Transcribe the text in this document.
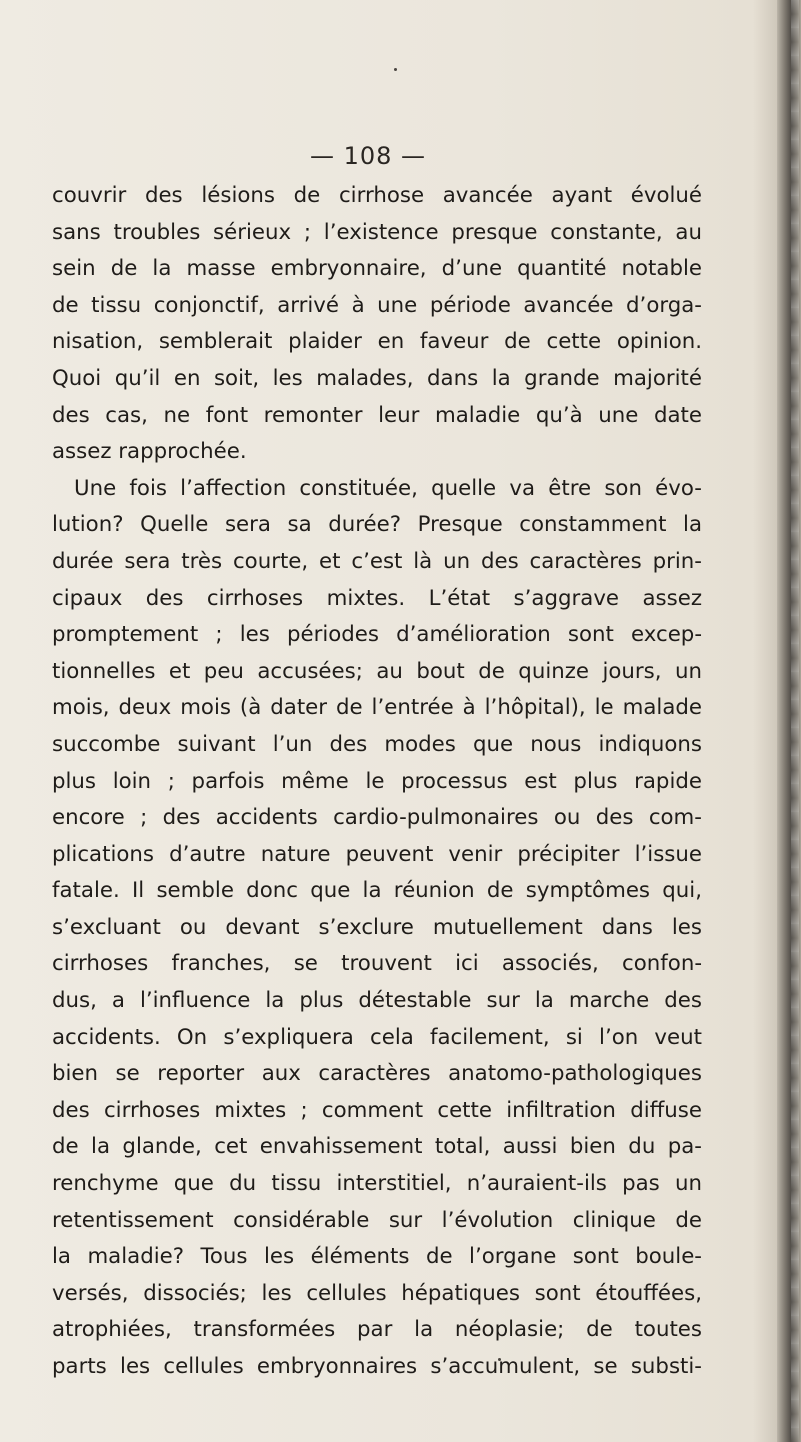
— 108 —
couvrir des lésions de cirrhose avancée ayant évolué
sans troubles sérieux ; l’existence presque constante, au
sein de la masse embryonnaire, d’une quantité notable
de tissu conjonctif, arrivé à une période avancée d’orga-
nisation, semblerait plaider en faveur de cette opinion.
Quoi qu’il en soit, les malades, dans la grande majorité
des cas, ne font remonter leur maladie qu’à une date
assez rapprochée.
Une fois l’affection constituée, quelle va être son évo-
lution? Quelle sera sa durée? Presque constamment la
durée sera très courte, et c’est là un des caractères prin-
cipaux des cirrhoses mixtes. L’état s’aggrave assez
promptement ; les périodes d’amélioration sont excep-
tionnelles et peu accusées; au bout de quinze jours, un
mois, deux mois (à dater de l’entrée à l’hôpital), le malade
succombe suivant l’un des modes que nous indiquons
plus loin ; parfois même le processus est plus rapide
encore ; des accidents cardio-pulmonaires ou des com-
plications d’autre nature peuvent venir précipiter l’issue
fatale. Il semble donc que la réunion de symptômes qui,
s’excluant ou devant s’exclure mutuellement dans les
cirrhoses franches, se trouvent ici associés, confon-
dus, a l’influence la plus détestable sur la marche des
accidents. On s’expliquera cela facilement, si l’on veut
bien se reporter aux caractères anatomo-pathologiques
des cirrhoses mixtes ; comment cette infiltration diffuse
de la glande, cet envahissement total, aussi bien du pa-
renchyme que du tissu interstitiel, n’auraient-ils pas un
retentissement considérable sur l’évolution clinique de
la maladie? Tous les éléments de l’organe sont boule-
versés, dissociés; les cellules hépatiques sont étouffées,
atrophiées, transformées par la néoplasie; de toutes
parts les cellules embryonnaires s’accumulent, se substi-
